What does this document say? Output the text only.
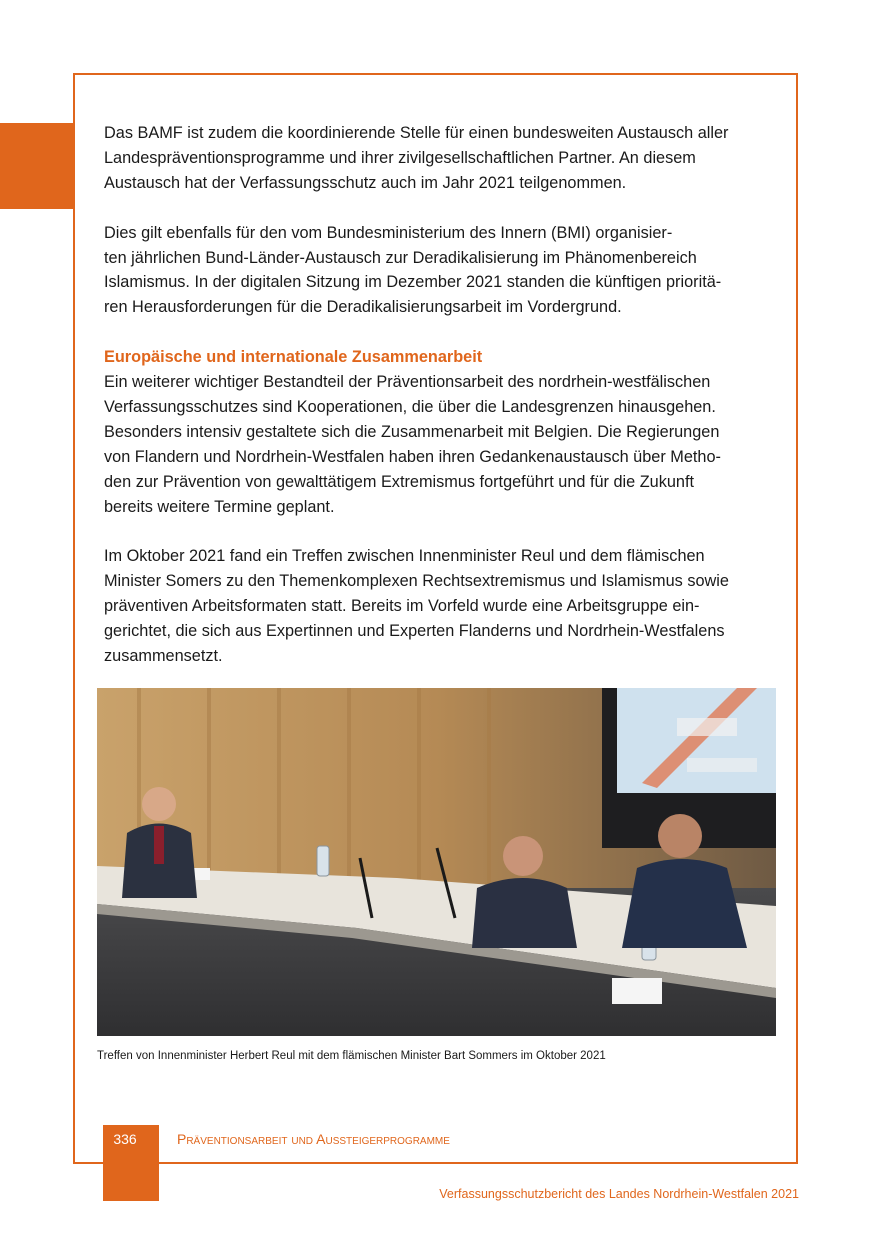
Das BAMF ist zudem die koordinierende Stelle für einen bundesweiten Austausch aller
Landespräventionsprogramme und ihrer zivilgesellschaftlichen Partner. An diesem
Austausch hat der Verfassungsschutz auch im Jahr 2021 teilgenommen.

Dies gilt ebenfalls für den vom Bundesministerium des Innern (BMI) organisier-
ten jährlichen Bund-Länder-Austausch zur Deradikalisierung im Phänomenbereich
Islamismus. In der digitalen Sitzung im Dezember 2021 standen die künftigen prioritä-
ren Herausforderungen für die Deradikalisierungsarbeit im Vordergrund.

Europäische und internationale Zusammenarbeit

Ein weiterer wichtiger Bestandteil der Präventionsarbeit des nordrhein-westfälischen
Verfassungsschutzes sind Kooperationen, die über die Landesgrenzen hinausgehen.
Besonders intensiv gestaltete sich die Zusammenarbeit mit Belgien. Die Regierungen
von Flandern und Nordrhein-Westfalen haben ihren Gedankenaustausch über Metho-
den zur Prävention von gewalttätigem Extremismus fortgeführt und für die Zukunft
bereits weitere Termine geplant.

Im Oktober 2021 fand ein Treffen zwischen Innenminister Reul und dem flämischen
Minister Somers zu den Themenkomplexen Rechtsextremismus und Islamismus sowie
präventiven Arbeitsformaten statt. Bereits im Vorfeld wurde eine Arbeitsgruppe ein-
gerichtet, die sich aus Expertinnen und Experten Flanderns und Nordrhein-Westfalens
zusammensetzt.

Treffen von Innenminister Herbert Reul mit dem flämischen Minister Bart Sommers im Oktober 2021
336	Präventionsarbeit und Aussteigerprogramme
Verfassungsschutzbericht des Landes Nordrhein-Westfalen 2021
